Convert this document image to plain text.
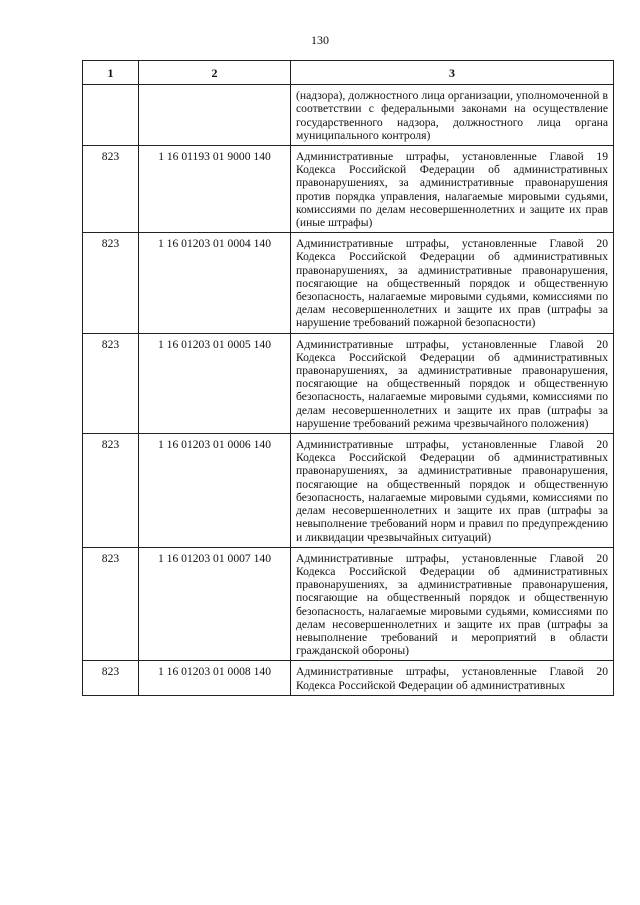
130
1	2	3
		(надзора), должностного лица организации, уполномоченной в соответствии с федеральными законами на осуществление государственного надзора, должностного лица органа муниципального контроля)
823	1 16 01193 01 9000 140	Административные штрафы, установленные Главой 19 Кодекса Российской Федерации об административных правонарушениях, за административные правонарушения против порядка управления, налагаемые мировыми судьями, комиссиями по делам несовершеннолетних и защите их прав (иные штрафы)
823	1 16 01203 01 0004 140	Административные штрафы, установленные Главой 20 Кодекса Российской Федерации об административных правонарушениях, за административные правонарушения, посягающие на общественный порядок и общественную безопасность, налагаемые мировыми судьями, комиссиями по делам несовершеннолетних и защите их прав (штрафы за нарушение требований пожарной безопасности)
823	1 16 01203 01 0005 140	Административные штрафы, установленные Главой 20 Кодекса Российской Федерации об административных правонарушениях, за административные правонарушения, посягающие на общественный порядок и общественную безопасность, налагаемые мировыми судьями, комиссиями по делам несовершеннолетних и защите их прав (штрафы за нарушение требований режима чрезвычайного положения)
823	1 16 01203 01 0006 140	Административные штрафы, установленные Главой 20 Кодекса Российской Федерации об административных правонарушениях, за административные правонарушения, посягающие на общественный порядок и общественную безопасность, налагаемые мировыми судьями, комиссиями по делам несовершеннолетних и защите их прав (штрафы за невыполнение требований норм и правил по предупреждению и ликвидации чрезвычайных ситуаций)
823	1 16 01203 01 0007 140	Административные штрафы, установленные Главой 20 Кодекса Российской Федерации об административных правонарушениях, за административные правонарушения, посягающие на общественный порядок и общественную безопасность, налагаемые мировыми судьями, комиссиями по делам несовершеннолетних и защите их прав (штрафы за невыполнение требований и мероприятий в области гражданской обороны)
823	1 16 01203 01 0008 140	Административные штрафы, установленные Главой 20 Кодекса Российской Федерации об административных
